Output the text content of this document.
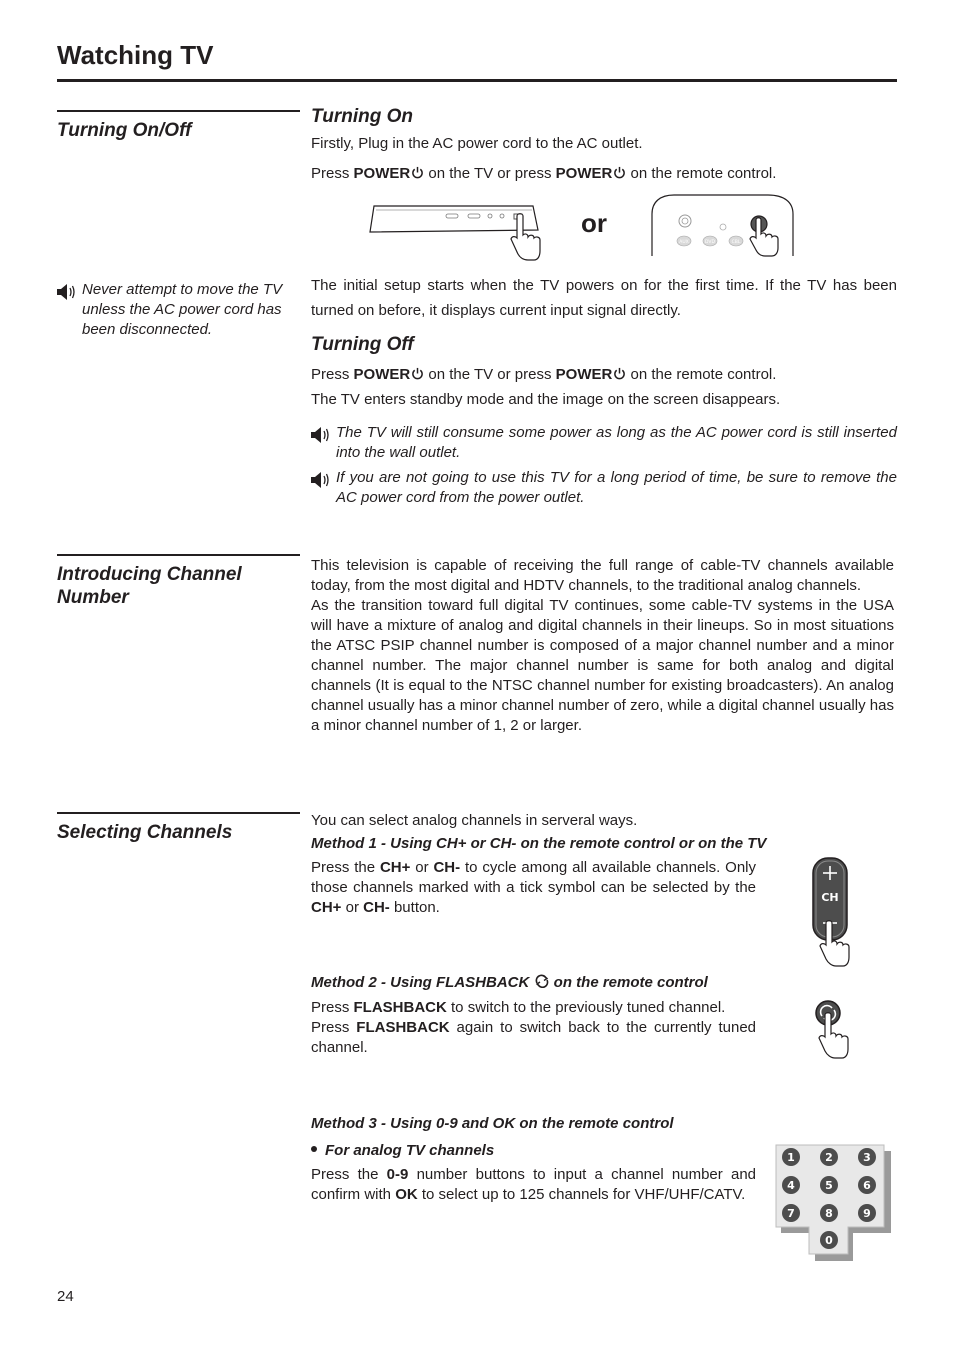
Watching TV
Turning On/Off
Turning On
Firstly, Plug in the AC power cord to the AC outlet.
Press POWER on the TV or press POWER on the remote control.
or
AUX	DVD	CBL
Never attempt to move the TV unless the AC power cord has been disconnected.
The initial setup starts when the TV powers on for the first time. If the TV has been turned on before, it displays current input signal directly.
Turning Off
Press POWER on the TV or press POWER on the remote control.
The TV enters standby mode and the image on the screen disappears.
The TV will still consume some power as long as the AC power cord is still inserted into the wall outlet.
If you are not going to use this TV for a long period of time, be sure to remove the AC power cord from the power outlet.
Introducing Channel Number
This television is capable of receiving the full range of cable-TV channels available today, from the most digital and HDTV channels, to the traditional analog channels.
As the transition toward full digital TV continues, some cable-TV systems in the USA will have a mixture of analog and digital channels in their lineups. So in most situations the ATSC PSIP channel number is composed of a major channel number and a minor channel number. The major channel number is same for both analog and digital channels (It is equal to the NTSC channel number for existing broadcasters). An analog channel usually has a minor channel number of zero, while a digital channel usually has a minor channel number of 1, 2 or larger.
Selecting Channels
You can select analog channels in serveral ways.
Method 1 - Using CH+ or CH- on the remote control or on the TV
Press the CH+ or CH- to cycle among all available channels. Only those channels marked with a tick symbol can be selected by the CH+ or CH- button.
CH
Method 2 - Using FLASHBACK  on the remote control
Press FLASHBACK to switch to the previously tuned channel.
Press FLASHBACK again to switch back to the currently tuned channel.
Method 3 - Using 0-9 and OK on the remote control
For analog TV channels
Press the 0-9 number buttons to input a channel number and confirm with OK to select up to 125 channels for VHF/UHF/CATV.
1	2	3
4	5	6
7	8	9
0
24
